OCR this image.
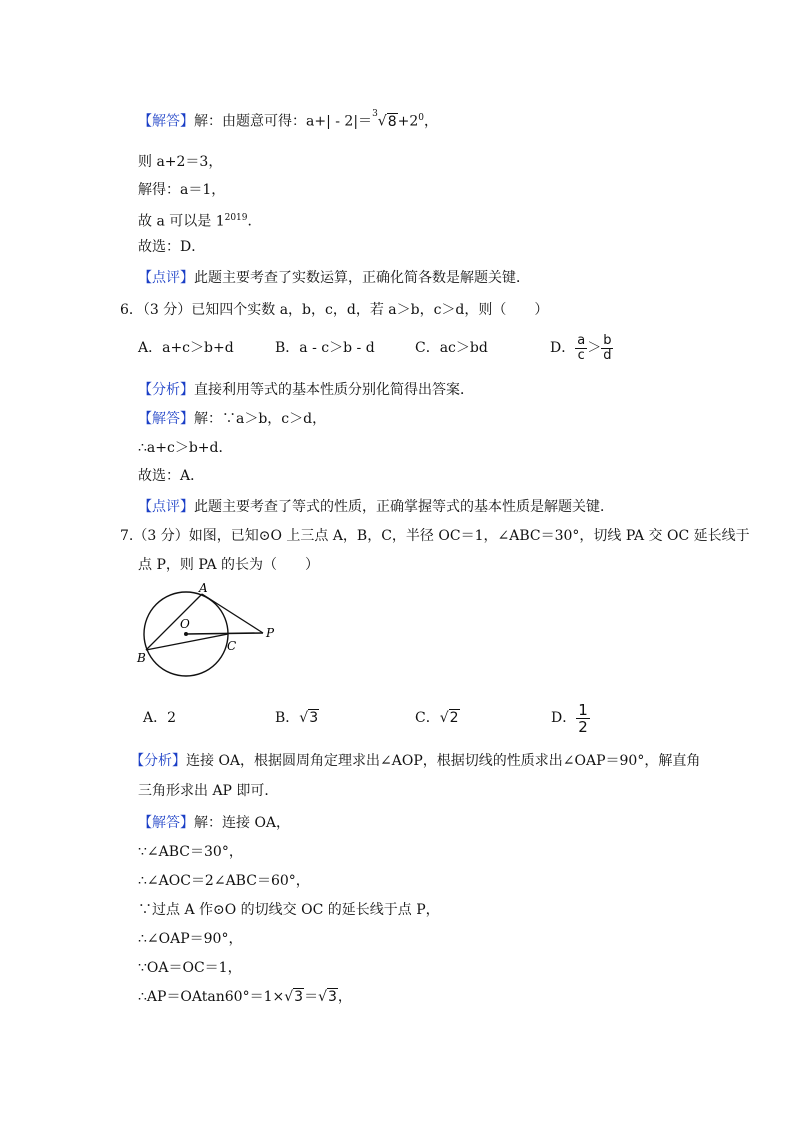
【解答】解：由题意可得：$a+| - 2|=^3√8+2^0$，
则 a+2＝3，
解得：a＝1，
故 a 可以是 $1^{2019}$．
故选：D．
【点评】此题主要考查了实数运算，正确化简各数是解题关键．
6．（3 分）已知四个实数 a，b，c，d，若 a＞b，c＞d，则（　　）
A．a+c＞b+d	B．a - c＞b - d	C．ac＞bd	D． $\frac{a}{c} > \frac{b}{d}$
【分析】直接利用等式的基本性质分别化简得出答案．
【解答】解：∵a＞b，c＞d，
∴a+c＞b+d．
故选：A．
【点评】此题主要考查了等式的性质，正确掌握等式的基本性质是解题关键．
7.（3 分）如图，已知⊙O 上三点 A，B，C，半径 OC＝1，∠ABC＝30°，切线 PA 交 OC 延长线于
点 P，则 PA 的长为（　　）
A
O
B
C
P
A．2	B．√3	C．√2	D． $\frac{1}{2}$
【分析】连接 OA，根据圆周角定理求出∠AOP，根据切线的性质求出∠OAP＝90°，解直角
三角形求出 AP 即可．
【解答】解：连接 OA，
∵∠ABC＝30°，
∴∠AOC＝2∠ABC＝60°，
∵过点 A 作⊙O 的切线交 OC 的延长线于点 P，
∴∠OAP＝90°，
∵OA＝OC＝1，
∴AP＝OAtan60°＝1×√3＝√3，
